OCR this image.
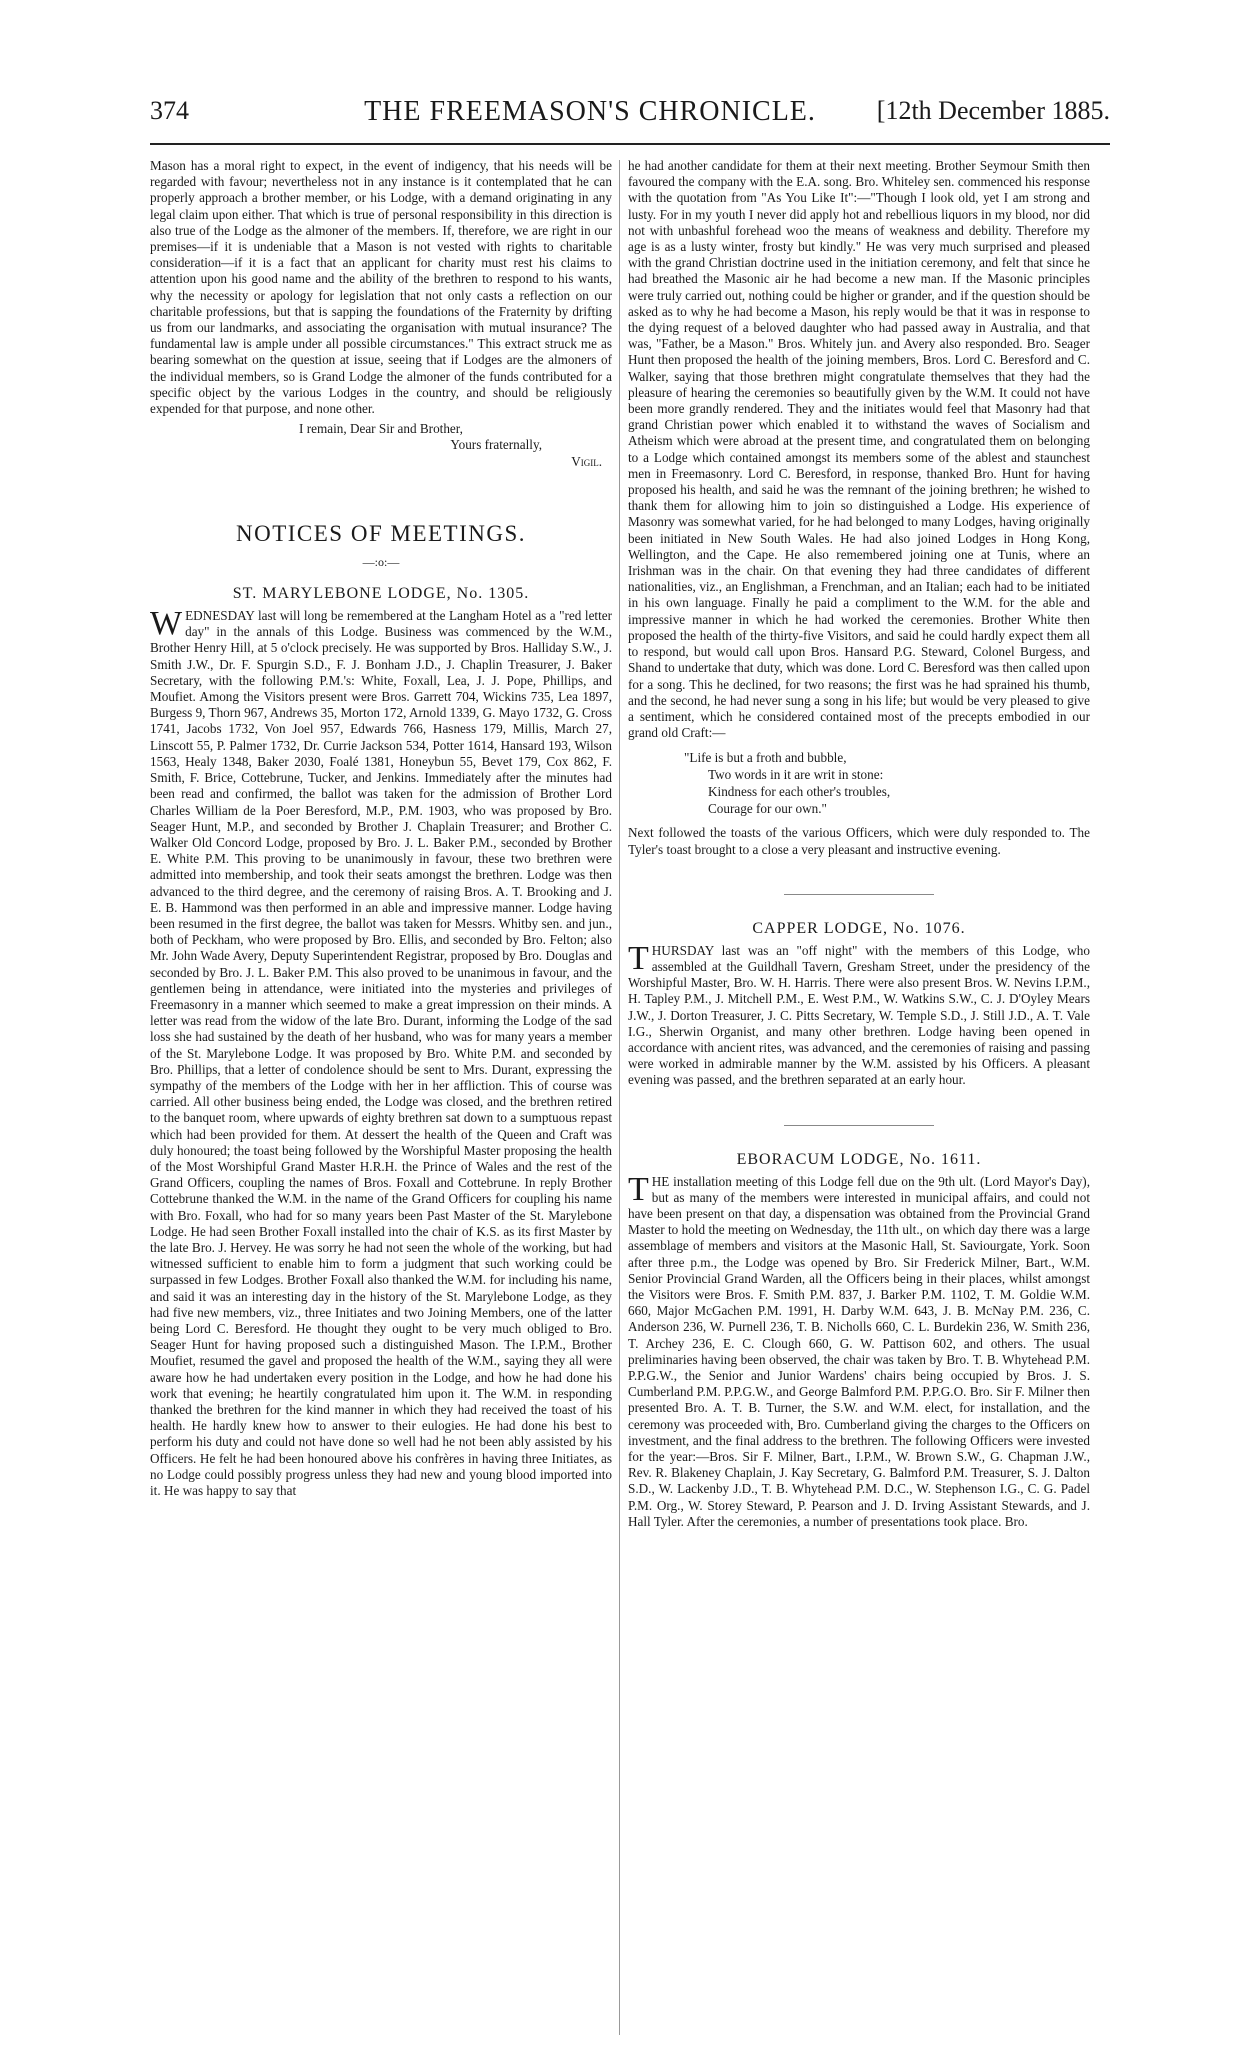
374	THE FREEMASON'S CHRONICLE.	[12th December 1885.

Mason has a moral right to expect, in the event of indigency, that his needs will be regarded with favour; nevertheless not in any instance is it contemplated that he can properly approach a brother member, or his Lodge, with a demand originating in any legal claim upon either. That which is true of personal responsibility in this direction is also true of the Lodge as the almoner of the members. If, therefore, we are right in our premises—if it is undeniable that a Mason is not vested with rights to charitable consideration—if it is a fact that an applicant for charity must rest his claims to attention upon his good name and the ability of the brethren to respond to his wants, why the necessity or apology for legislation that not only casts a reflection on our charitable professions, but that is sapping the foundations of the Fraternity by drifting us from our landmarks, and associating the organisation with mutual insurance? The fundamental law is ample under all possible circumstances." This extract struck me as bearing somewhat on the question at issue, seeing that if Lodges are the almoners of the individual members, so is Grand Lodge the almoner of the funds contributed for a specific object by the various Lodges in the country, and should be religiously expended for that purpose, and none other.

I remain, Dear Sir and Brother,
Yours fraternally,
Vigil.
NOTICES OF MEETINGS.
—:o:—
ST. MARYLEBONE LODGE, No. 1305.

WEDNESDAY last will long be remembered at the Langham Hotel as a "red letter day" in the annals of this Lodge. Business was commenced by the W.M., Brother Henry Hill, at 5 o'clock precisely. He was supported by Bros. Halliday S.W., J. Smith J.W., Dr. F. Spurgin S.D., F. J. Bonham J.D., J. Chaplin Treasurer, J. Baker Secretary, with the following P.M.'s: White, Foxall, Lea, J. J. Pope, Phillips, and Moufiet. Among the Visitors present were Bros. Garrett 704, Wickins 735, Lea 1897, Burgess 9, Thorn 967, Andrews 35, Morton 172, Arnold 1339, G. Mayo 1732, G. Cross 1741, Jacobs 1732, Von Joel 957, Edwards 766, Hasness 179, Millis, March 27, Linscott 55, P. Palmer 1732, Dr. Currie Jackson 534, Potter 1614, Hansard 193, Wilson 1563, Healy 1348, Baker 2030, Foalé 1381, Honeybun 55, Bevet 179, Cox 862, F. Smith, F. Brice, Cottebrune, Tucker, and Jenkins. Immediately after the minutes had been read and confirmed, the ballot was taken for the admission of Brother Lord Charles William de la Poer Beresford, M.P., P.M. 1903, who was proposed by Bro. Seager Hunt, M.P., and seconded by Brother J. Chaplain Treasurer; and Brother C. Walker Old Concord Lodge, proposed by Bro. J. L. Baker P.M., seconded by Brother E. White P.M. This proving to be unanimously in favour, these two brethren were admitted into membership, and took their seats amongst the brethren. Lodge was then advanced to the third degree, and the ceremony of raising Bros. A. T. Brooking and J. E. B. Hammond was then performed in an able and impressive manner. Lodge having been resumed in the first degree, the ballot was taken for Messrs. Whitby sen. and jun., both of Peckham, who were proposed by Bro. Ellis, and seconded by Bro. Felton; also Mr. John Wade Avery, Deputy Superintendent Registrar, proposed by Bro. Douglas and seconded by Bro. J. L. Baker P.M. This also proved to be unanimous in favour, and the gentlemen being in attendance, were initiated into the mysteries and privileges of Freemasonry in a manner which seemed to make a great impression on their minds. A letter was read from the widow of the late Bro. Durant, informing the Lodge of the sad loss she had sustained by the death of her husband, who was for many years a member of the St. Marylebone Lodge. It was proposed by Bro. White P.M. and seconded by Bro. Phillips, that a letter of condolence should be sent to Mrs. Durant, expressing the sympathy of the members of the Lodge with her in her affliction. This of course was carried. All other business being ended, the Lodge was closed, and the brethren retired to the banquet room, where upwards of eighty brethren sat down to a sumptuous repast which had been provided for them. At dessert the health of the Queen and Craft was duly honoured; the toast being followed by the Worshipful Master proposing the health of the Most Worshipful Grand Master H.R.H. the Prince of Wales and the rest of the Grand Officers, coupling the names of Bros. Foxall and Cottebrune. In reply Brother Cottebrune thanked the W.M. in the name of the Grand Officers for coupling his name with Bro. Foxall, who had for so many years been Past Master of the St. Marylebone Lodge. He had seen Brother Foxall installed into the chair of K.S. as its first Master by the late Bro. J. Hervey. He was sorry he had not seen the whole of the working, but had witnessed sufficient to enable him to form a judgment that such working could be surpassed in few Lodges. Brother Foxall also thanked the W.M. for including his name, and said it was an interesting day in the history of the St. Marylebone Lodge, as they had five new members, viz., three Initiates and two Joining Members, one of the latter being Lord C. Beresford. He thought they ought to be very much obliged to Bro. Seager Hunt for having proposed such a distinguished Mason. The I.P.M., Brother Moufiet, resumed the gavel and proposed the health of the W.M., saying they all were aware how he had undertaken every position in the Lodge, and how he had done his work that evening; he heartily congratulated him upon it. The W.M. in responding thanked the brethren for the kind manner in which they had received the toast of his health. He hardly knew how to answer to their eulogies. He had done his best to perform his duty and could not have done so well had he not been ably assisted by his Officers. He felt he had been honoured above his confrères in having three Initiates, as no Lodge could possibly progress unless they had new and young blood imported into it. He was happy to say that

he had another candidate for them at their next meeting. Brother Seymour Smith then favoured the company with the E.A. song. Bro. Whiteley sen. commenced his response with the quotation from "As You Like It":—"Though I look old, yet I am strong and lusty. For in my youth I never did apply hot and rebellious liquors in my blood, nor did not with unbashful forehead woo the means of weakness and debility. Therefore my age is as a lusty winter, frosty but kindly." He was very much surprised and pleased with the grand Christian doctrine used in the initiation ceremony, and felt that since he had breathed the Masonic air he had become a new man. If the Masonic principles were truly carried out, nothing could be higher or grander, and if the question should be asked as to why he had become a Mason, his reply would be that it was in response to the dying request of a beloved daughter who had passed away in Australia, and that was, "Father, be a Mason." Bros. Whitely jun. and Avery also responded. Bro. Seager Hunt then proposed the health of the joining members, Bros. Lord C. Beresford and C. Walker, saying that those brethren might congratulate themselves that they had the pleasure of hearing the ceremonies so beautifully given by the W.M. It could not have been more grandly rendered. They and the initiates would feel that Masonry had that grand Christian power which enabled it to withstand the waves of Socialism and Atheism which were abroad at the present time, and congratulated them on belonging to a Lodge which contained amongst its members some of the ablest and staunchest men in Freemasonry. Lord C. Beresford, in response, thanked Bro. Hunt for having proposed his health, and said he was the remnant of the joining brethren; he wished to thank them for allowing him to join so distinguished a Lodge. His experience of Masonry was somewhat varied, for he had belonged to many Lodges, having originally been initiated in New South Wales. He had also joined Lodges in Hong Kong, Wellington, and the Cape. He also remembered joining one at Tunis, where an Irishman was in the chair. On that evening they had three candidates of different nationalities, viz., an Englishman, a Frenchman, and an Italian; each had to be initiated in his own language. Finally he paid a compliment to the W.M. for the able and impressive manner in which he had worked the ceremonies. Brother White then proposed the health of the thirty-five Visitors, and said he could hardly expect them all to respond, but would call upon Bros. Hansard P.G. Steward, Colonel Burgess, and Shand to undertake that duty, which was done. Lord C. Beresford was then called upon for a song. This he declined, for two reasons; the first was he had sprained his thumb, and the second, he had never sung a song in his life; but would be very pleased to give a sentiment, which he considered contained most of the precepts embodied in our grand old Craft:—

"Life is but a froth and bubble,
Two words in it are writ in stone:
Kindness for each other's troubles,
Courage for our own."

Next followed the toasts of the various Officers, which were duly responded to. The Tyler's toast brought to a close a very pleasant and instructive evening.

CAPPER LODGE, No. 1076.

THURSDAY last was an "off night" with the members of this Lodge, who assembled at the Guildhall Tavern, Gresham Street, under the presidency of the Worshipful Master, Bro. W. H. Harris. There were also present Bros. W. Nevins I.P.M., H. Tapley P.M., J. Mitchell P.M., E. West P.M., W. Watkins S.W., C. J. D'Oyley Mears J.W., J. Dorton Treasurer, J. C. Pitts Secretary, W. Temple S.D., J. Still J.D., A. T. Vale I.G., Sherwin Organist, and many other brethren. Lodge having been opened in accordance with ancient rites, was advanced, and the ceremonies of raising and passing were worked in admirable manner by the W.M. assisted by his Officers. A pleasant evening was passed, and the brethren separated at an early hour.

EBORACUM LODGE, No. 1611.

THE installation meeting of this Lodge fell due on the 9th ult. (Lord Mayor's Day), but as many of the members were interested in municipal affairs, and could not have been present on that day, a dispensation was obtained from the Provincial Grand Master to hold the meeting on Wednesday, the 11th ult., on which day there was a large assemblage of members and visitors at the Masonic Hall, St. Saviourgate, York. Soon after three p.m., the Lodge was opened by Bro. Sir Frederick Milner, Bart., W.M. Senior Provincial Grand Warden, all the Officers being in their places, whilst amongst the Visitors were Bros. F. Smith P.M. 837, J. Barker P.M. 1102, T. M. Goldie W.M. 660, Major McGachen P.M. 1991, H. Darby W.M. 643, J. B. McNay P.M. 236, C. Anderson 236, W. Purnell 236, T. B. Nicholls 660, C. L. Burdekin 236, W. Smith 236, T. Archey 236, E. C. Clough 660, G. W. Pattison 602, and others. The usual preliminaries having been observed, the chair was taken by Bro. T. B. Whytehead P.M. P.P.G.W., the Senior and Junior Wardens' chairs being occupied by Bros. J. S. Cumberland P.M. P.P.G.W., and George Balmford P.M. P.P.G.O. Bro. Sir F. Milner then presented Bro. A. T. B. Turner, the S.W. and W.M. elect, for installation, and the ceremony was proceeded with, Bro. Cumberland giving the charges to the Officers on investment, and the final address to the brethren. The following Officers were invested for the year:—Bros. Sir F. Milner, Bart., I.P.M., W. Brown S.W., G. Chapman J.W., Rev. R. Blakeney Chaplain, J. Kay Secretary, G. Balmford P.M. Treasurer, S. J. Dalton S.D., W. Lackenby J.D., T. B. Whytehead P.M. D.C., W. Stephenson I.G., C. G. Padel P.M. Org., W. Storey Steward, P. Pearson and J. D. Irving Assistant Stewards, and J. Hall Tyler. After the ceremonies, a number of presentations took place. Bro.
